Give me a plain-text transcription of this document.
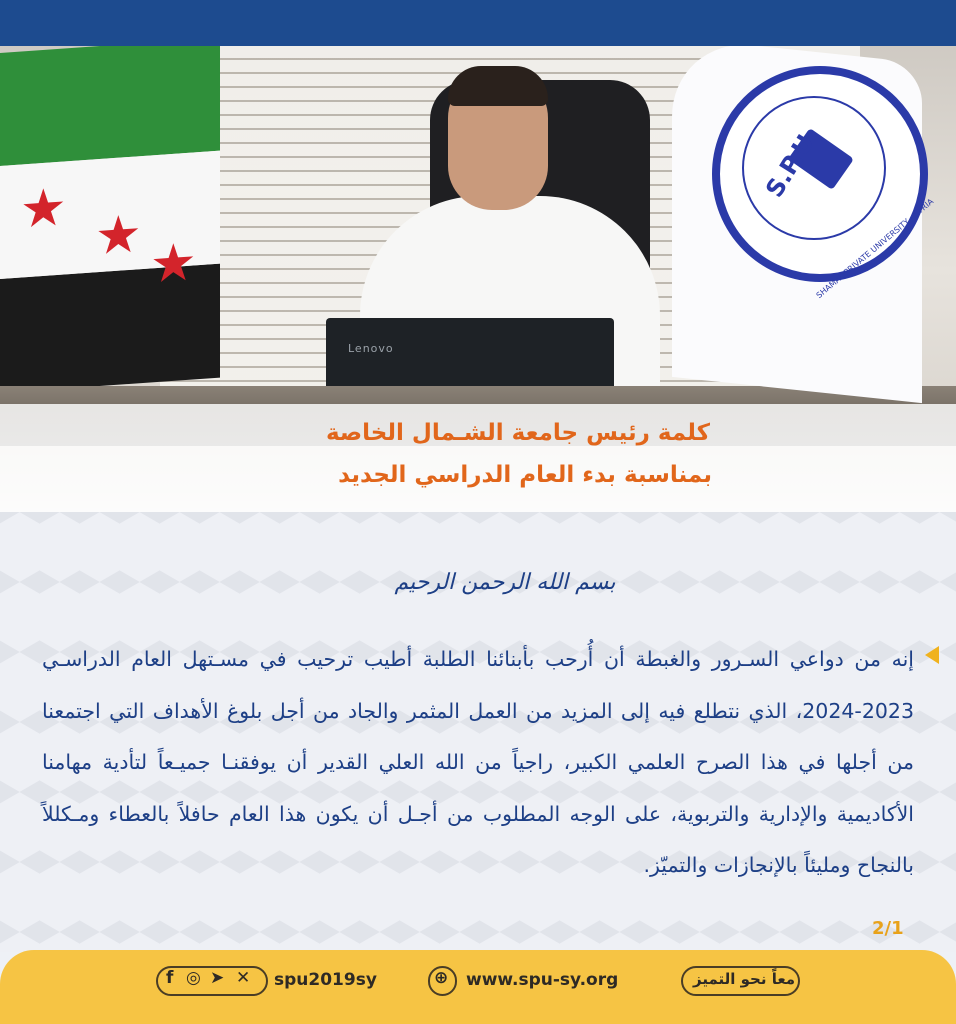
★ ★ ★
Lenovo
S.P.U
SHAMAL PRIVATE UNIVERSITY - SYRIA
كلمة رئيس جامعة الشـمال الخاصة
بمناسبة بدء العام الدراسي الجديد
بسم الله الرحمن الرحيم
إنه من دواعي السـرور والغبطة أن أُرحب بأبنائنا الطلبة أطيب ترحيب في مسـتهل العام الدراسـي 2023-2024، الذي نتطلع فيه إلى المزيد من العمل المثمر والجاد من أجل بلوغ الأهداف التي اجتمعنا من أجلها في هذا الصرح العلمي الكبير، راجياً من الله العلي القدير أن يوفقنـا جميـعاً لتأدية مهامنا الأكاديمية والإدارية والتربوية، على الوجه المطلوب من أجـل أن يكون هذا العام حافلاً بالعطاء ومـكللاً بالنجاح ومليئاً بالإنجازات والتميّز.
2/1
معاً نحو التميز
⊕ www.spu-sy.org
f ◎ ➤ ✕ spu2019sy
